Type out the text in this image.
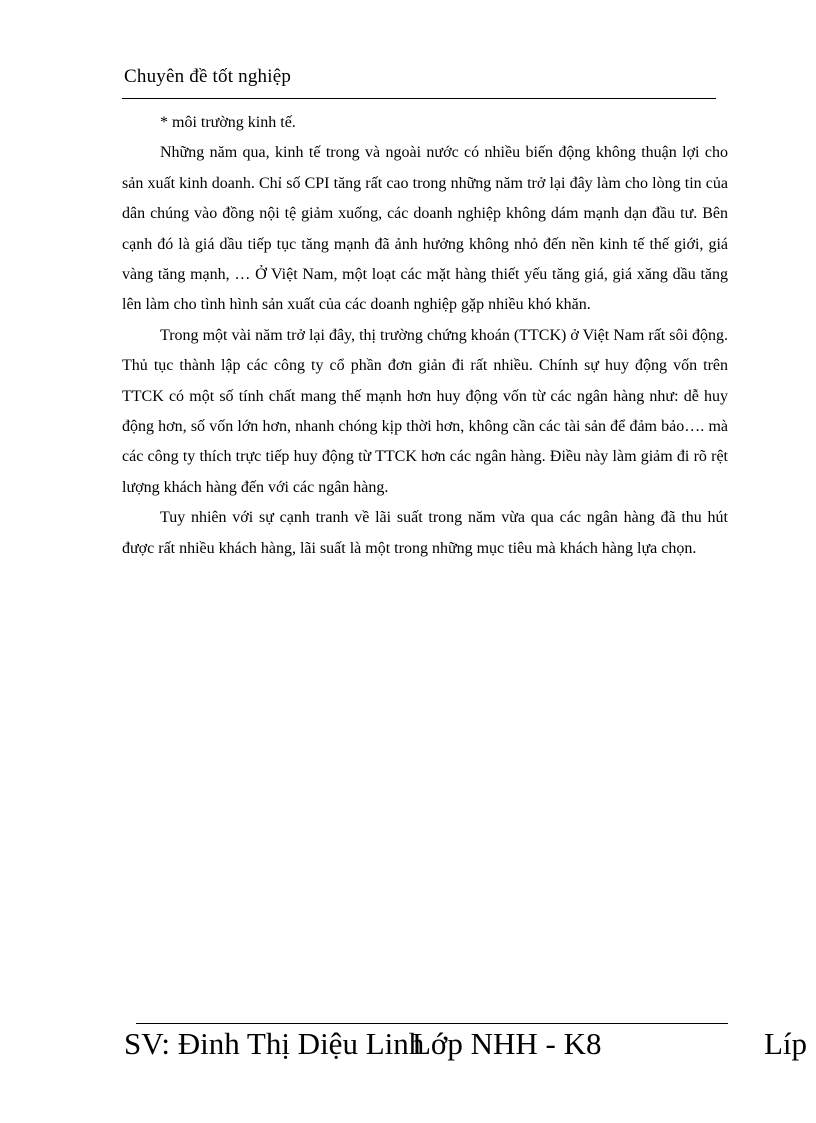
Chuyên đề tốt nghiệp

* môi trường kinh tế.

Những năm qua, kinh tế trong và ngoài nước có nhiều biến động không thuận lợi cho sản xuất kinh doanh. Chỉ số CPI tăng rất cao trong những năm trở lại đây làm cho lòng tin của dân chúng vào đồng nội tệ giảm xuống, các doanh nghiệp không dám mạnh dạn đầu tư. Bên cạnh đó là giá dầu tiếp tục tăng mạnh đã ảnh hưởng không nhỏ đến nền kinh tế thế giới, giá vàng tăng mạnh, … Ở Việt Nam, một loạt các mặt hàng thiết yếu tăng giá, giá xăng dầu tăng lên làm cho tình hình sản xuất của các doanh nghiệp gặp nhiều khó khăn.

Trong một vài năm trở lại đây, thị trường chứng khoán (TTCK) ở Việt Nam rất sôi động. Thủ tục thành lập các công ty cổ phần đơn giản đi rất nhiều. Chính sự huy động vốn trên TTCK có một số tính chất mang thế mạnh hơn huy động vốn từ các ngân hàng như: dễ huy động hơn, số vốn lớn hơn, nhanh chóng kịp thời hơn, không cần các tài sản để đảm bảo…. mà các công ty thích trực tiếp huy động từ TTCK hơn các ngân hàng. Điều này làm giảm đi rõ rệt lượng khách hàng đến với các ngân hàng.

Tuy nhiên với sự cạnh tranh về lãi suất trong năm vừa qua các ngân hàng đã thu hút được rất nhiều khách hàng, lãi suất là một trong những mục tiêu mà khách hàng lựa chọn.

SV: Đinh Thị Diệu Linh
Lớp NHH - K8	Líp
